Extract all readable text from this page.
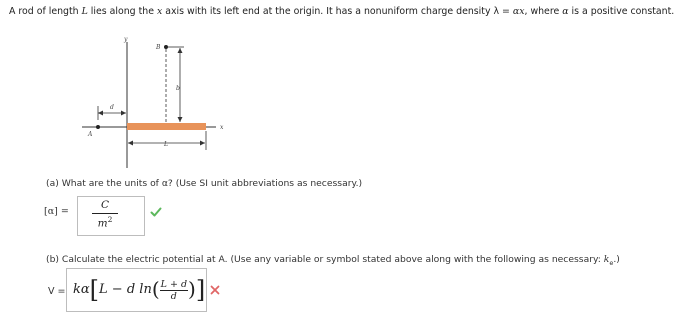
A rod of length L lies along the x axis with its left end at the origin. It has a nonuniform charge density λ = αx, where α is a positive constant.
y
x
A
d
B
b
L
(a) What are the units of α? (Use SI unit abbreviations as necessary.)
[α] =
C
$m^2$
(b) Calculate the electric potential at A. (Use any variable or symbol stated above along with the following as necessary: $k_e$.)
V = kα[L − d $\ln( \frac{L + d}{d}$ )]
